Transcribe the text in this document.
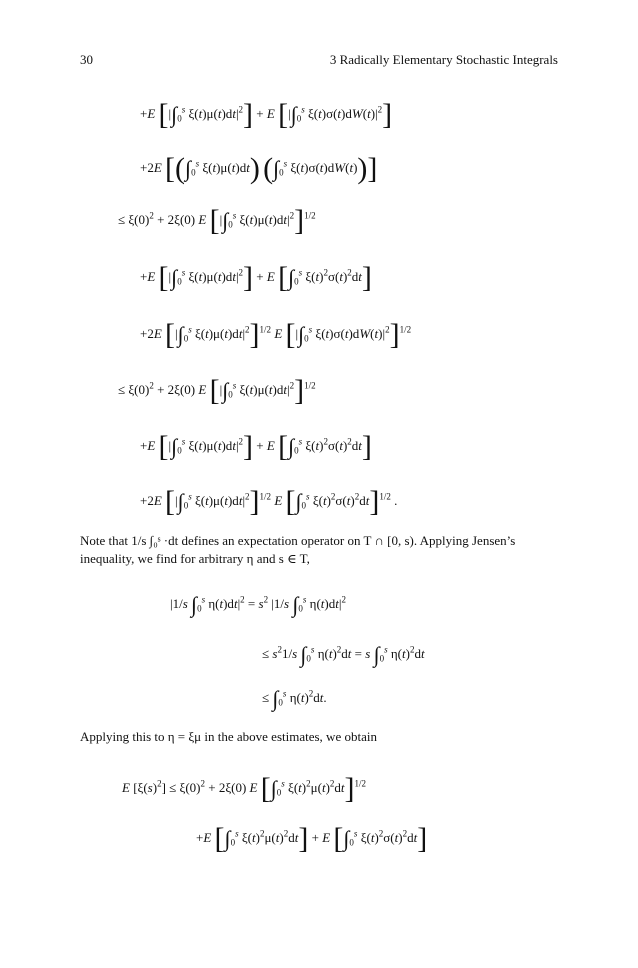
30	3 Radically Elementary Stochastic Integrals
+E [$|\int_0^s$ $\xi(t)\mu(t)dt|^2] + E$ [$|\int_0^s$ $\xi(t)\sigma(t)dW(t)|^2$]
+2E [($\int_0^s$ ξ(t)μ(t)dt) ($\int_0^s$ ξ(t)σ(t)dW(t))]
≤ $\xi(0)^2 + 2\xi(0)$ E [$|\int_0^s$ $\xi(t)\mu(t)dt|^2]^{1/2}$
+E [$|\int_0^s$ $\xi(t)\mu(t)dt|^2] + E$ [$\int_0^s$ $\xi(t)^2\sigma(t)^2dt$]
+2E [$|\int_0^s$ $\xi(t)\mu(t)dt|^2]^{1/2}$ E [$|\int_0^s$ $\xi(t)\sigma(t)dW(t)|^2]^{1/2}$
≤ $\xi(0)^2 + 2\xi(0)$ E [$|\int_0^s$ $\xi(t)\mu(t)dt|^2]^{1/2}$
+E [$|\int_0^s$ $\xi(t)\mu(t)dt|^2] + E$ [$\int_0^s$ $\xi(t)^2\sigma(t)^2dt$]
+2E [$|\int_0^s$ $\xi(t)\mu(t)dt|^2]^{1/2}$ E [$\int_0^s$ $\xi(t)^2\sigma(t)^2dt]^{1/2}$ .
Note that 1/s ∫₀ˢ ·dt defines an expectation operator on T ∩ [0, s). Applying Jensen’s inequality, we find for arbitrary η and s ∈ T,
|1/s $\int_0^s$ $\eta(t)dt|^2 = s^2$ |1/s $\int_0^s$ $\eta(t)dt|^2$
≤ $s^21/s$ $\int_0^s$ $\eta(t)^2dt = s$ $\int_0^s$ $\eta(t)^2dt$
≤ $\int_0^s$ $\eta(t)^2dt$.
Applying this to η = ξμ in the above estimates, we obtain
E $[\xi(s)^2] \le \xi(0)^2 + 2\xi(0)$ E [$\int_0^s$ $\xi(t)^2\mu(t)^2dt]^{1/2}$
+E [$\int_0^s$ $\xi(t)^2\mu(t)^2dt] + E$ [$\int_0^s$ $\xi(t)^2\sigma(t)^2dt$]
